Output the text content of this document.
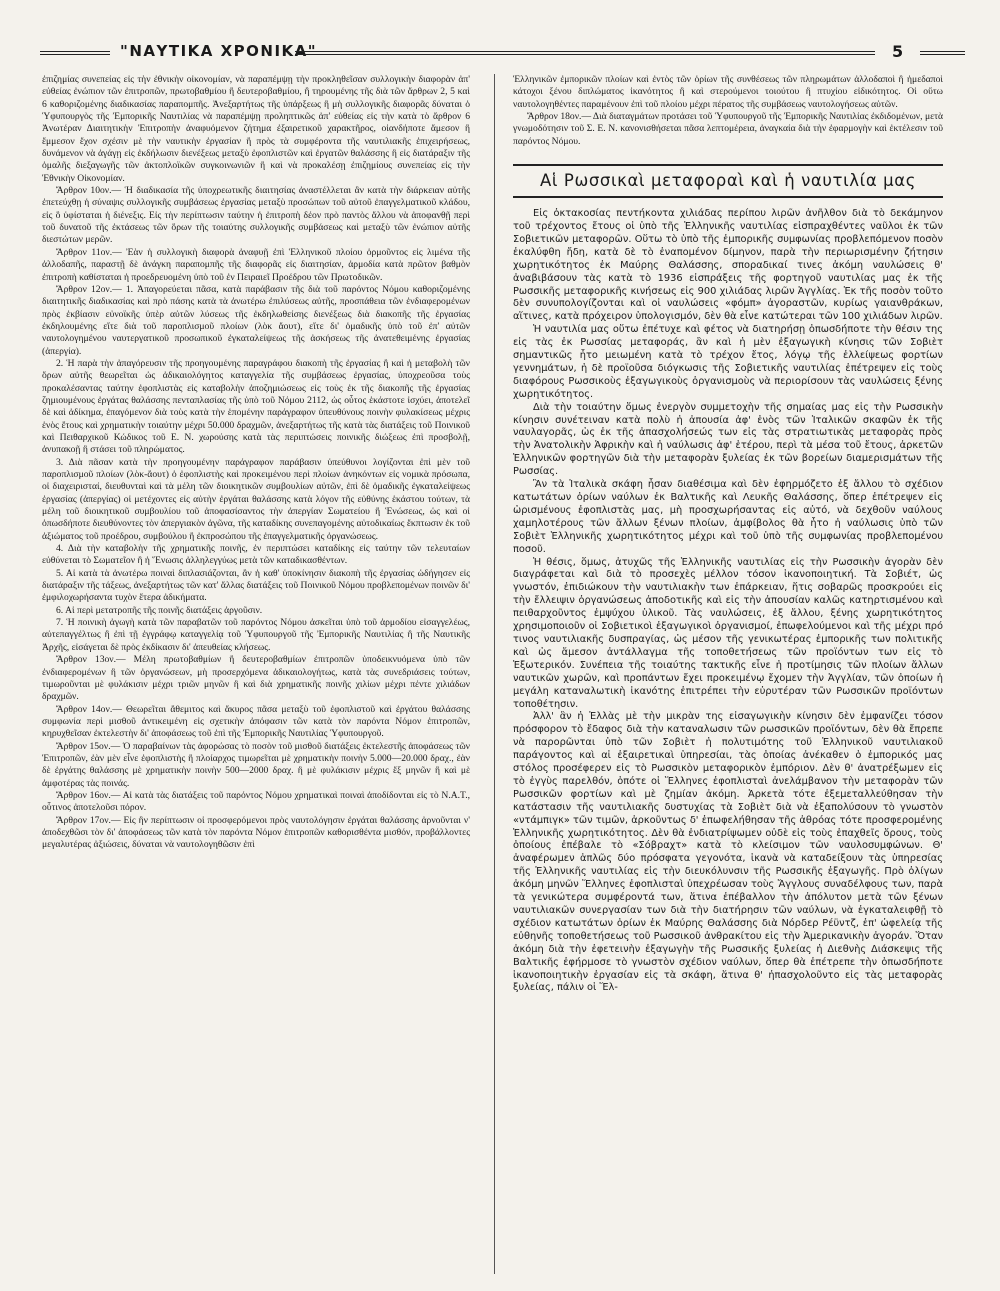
"ΝΑΥΤΙΚΑ ΧΡΟΝΙΚΑ"	5

ἐπιζημίας συνεπείας εἰς τὴν ἐθνικὴν οἰκονομίαν, νὰ παραπέμψῃ τὴν προκληθεῖσαν συλλογικὴν διαφορὰν ἀπ' εὐθείας ἐνώπιον τῶν ἐπιτροπῶν, πρωτοβαθμίου ἢ δευτεροβαθμίου, ἢ τηρουμένης τῆς διὰ τῶν ἄρθρων 2, 5 καὶ 6 καθοριζομένης διαδικασίας παραπομπῆς. Ἀνεξαρτήτως τῆς ὑπάρξεως ἢ μὴ συλλογικῆς διαφορᾶς δύναται ὁ Ὑφυπουργὸς τῆς Ἐμπορικῆς Ναυτιλίας νὰ παραπέμψῃ προληπτικῶς ἀπ' εὐθείας εἰς τὴν κατὰ τὸ ἄρθρον 6 Ἀνωτέραν Διαιτητικὴν Ἐπιτροπὴν ἀναφυόμενον ζήτημα ἐξαιρετικοῦ χαρακτῆρος, οἱανδήποτε ἄμεσον ἢ ἔμμεσον ἔχον σχέσιν μὲ τὴν ναυτικὴν ἐργασίαν ἢ πρὸς τὰ συμφέροντα τῆς ναυτιλιακῆς ἐπιχειρήσεως, δυνάμενον νὰ ἀγάγῃ εἰς ἐκδήλωσιν διενέξεως μεταξὺ ἐφοπλιστῶν καὶ ἐργατῶν θαλάσσης ἢ εἰς διατάραξιν τῆς ὁμαλῆς διεξαγωγῆς τῶν ἀκτοπλοϊκῶν συγκοινωνιῶν ἢ καὶ νὰ προκαλέσῃ ἐπιζημίους συνεπείας εἰς τὴν Ἐθνικὴν Οἰκονομίαν.

Ἄρθρον 10ον.— Ἡ διαδικασία τῆς ὑποχρεωτικῆς διαιτησίας ἀναστέλλεται ἂν κατὰ τὴν διάρκειαν αὐτῆς ἐπετεύχθῃ ἡ σύναψις συλλογικῆς συμβάσεως ἐργασίας μεταξὺ προσώπων τοῦ αὐτοῦ ἐπαγγελματικοῦ κλάδου, εἰς ὃ ὑφίσταται ἡ διένεξις. Εἰς τὴν περίπτωσιν ταύτην ἡ ἐπιτροπὴ δέον πρὸ παντὸς ἄλλου νὰ ἀποφανθῇ περὶ τοῦ δυνατοῦ τῆς ἐκτάσεως τῶν ὅρων τῆς τοιαύτης συλλογικῆς συμβάσεως καὶ μεταξὺ τῶν ἐνώπιον αὐτῆς διεστώτων μερῶν.

Ἄρθρον 11ον.— Ἐὰν ἡ συλλογικὴ διαφορὰ ἀναφυῇ ἐπὶ Ἑλληνικοῦ πλοίου ὁρμοῦντος εἰς λιμένα τῆς ἀλλοδαπῆς, παραστῇ δὲ ἀνάγκη παραπομπῆς τῆς διαφορᾶς εἰς διαιτησίαν, ἁρμοδία κατὰ πρῶτον βαθμὸν ἐπιτροπὴ καθίσταται ἡ προεδρευομένη ὑπὸ τοῦ ἐν Πειραιεῖ Προέδρου τῶν Πρωτοδικῶν.

Ἄρθρον 12ον.— 1. Ἀπαγορεύεται πᾶσα, κατὰ παράβασιν τῆς διὰ τοῦ παρόντος Νόμου καθοριζομένης διαιτητικῆς διαδικασίας καὶ πρὸ πάσης κατὰ τὰ ἀνωτέρω ἐπιλύσεως αὐτῆς, προσπάθεια τῶν ἐνδιαφερομένων πρὸς ἐκβίασιν εὐνοϊκῆς ὑπὲρ αὐτῶν λύσεως τῆς ἐκδηλωθείσης διενέξεως διὰ διακοπῆς τῆς ἐργασίας ἐκδηλουμένης εἴτε διὰ τοῦ παροπλισμοῦ πλοίων (λὸκ ἄουτ), εἴτε δι' ὁμαδικῆς ὑπὸ τοῦ ἐπ' αὐτῶν ναυτολογημένου ναυτεργατικοῦ προσωπικοῦ ἐγκαταλείψεως τῆς ἀσκήσεως τῆς ἀνατεθειμένης ἐργασίας (ἀπεργία).

2. Ἡ παρὰ τὴν ἀπαγόρευσιν τῆς προηγουμένης παραγράφου διακοπὴ τῆς ἐργασίας ἢ καὶ ἡ μεταβολὴ τῶν ὅρων αὐτῆς θεωρεῖται ὡς ἀδικαιολόγητος καταγγελία τῆς συμβάσεως ἐργασίας, ὑποχρεοῦσα τοὺς προκαλέσαντας ταύτην ἐφοπλιστὰς εἰς καταβολὴν ἀποζημιώσεως εἰς τοὺς ἐκ τῆς διακοπῆς τῆς ἐργασίας ζημιουμένους ἐργάτας θαλάσσης πενταπλασίας τῆς ὑπὸ τοῦ Νόμου 2112, ὡς οὗτος ἑκάστοτε ἰσχύει, ἀποτελεῖ δὲ καὶ ἀδίκημα, ἐπαγόμενον διὰ τοὺς κατὰ τὴν ἑπομένην παράγραφον ὑπευθύνους ποινὴν φυλακίσεως μέχρις ἑνὸς ἔτους καὶ χρηματικὴν τοιαύτην μέχρι 50.000 δραχμῶν, ἀνεξαρτήτως τῆς κατὰ τὰς διατάξεις τοῦ Ποινικοῦ καὶ Πειθαρχικοῦ Κώδικος τοῦ Ε. Ν. χωρούσης κατὰ τὰς περιπτώσεις ποινικῆς διώξεως ἐπὶ προσβολῇ, ἀνυπακοῇ ἢ στάσει τοῦ πληρώματος.

3. Διὰ πᾶσαν κατὰ τὴν προηγουμένην παράγραφον παράβασιν ὑπεύθυνοι λογίζονται ἐπὶ μὲν τοῦ παροπλισμοῦ πλοίων (λὸκ-ἄουτ) ὁ ἐφοπλιστὴς καὶ προκειμένου περὶ πλοίων ἀνηκόντων εἰς νομικὰ πρόσωπα, οἱ διαχειρισταί, διευθυνταὶ καὶ τὰ μέλη τῶν διοικητικῶν συμβουλίων αὐτῶν, ἐπὶ δὲ ὁμαδικῆς ἐγκαταλείψεως ἐργασίας (ἀπεργίας) οἱ μετέχοντες εἰς αὐτὴν ἐργάται θαλάσσης κατὰ λόγον τῆς εὐθύνης ἑκάστου τούτων, τὰ μέλη τοῦ διοικητικοῦ συμβουλίου τοῦ ἀποφασίσαντος τὴν ἀπεργίαν Σωματείου ἢ Ἑνώσεως, ὡς καὶ οἱ ὁπωσδήποτε διευθύνοντες τὸν ἀπεργιακὸν ἀγῶνα, τῆς καταδίκης συνεπαγομένης αὐτοδικαίως ἔκπτωσιν ἐκ τοῦ ἀξιώματος τοῦ προέδρου, συμβούλου ἢ ἐκπροσώπου τῆς ἐπαγγελματικῆς ὀργανώσεως.

4. Διὰ τὴν καταβολὴν τῆς χρηματικῆς ποινῆς, ἐν περιπτώσει καταδίκης εἰς ταύτην τῶν τελευταίων εὐθύνεται τὸ Σωματεῖον ἢ ἡ Ἕνωσις ἀλληλεγγύως μετὰ τῶν καταδικασθέντων.

5. Αἱ κατὰ τὰ ἀνωτέρω ποιναὶ διπλασιάζονται, ἂν ἡ καθ' ὑποκίνησιν διακοπὴ τῆς ἐργασίας ὡδήγησεν εἰς διατάραξιν τῆς τάξεως, ἀνεξαρτήτως τῶν κατ' ἄλλας διατάξεις τοῦ Ποινικοῦ Νόμου προβλεπομένων ποινῶν δι' ἐμφιλοχωρήσαντα τυχὸν ἕτερα ἀδικήματα.

6. Αἱ περὶ μετατροπῆς τῆς ποινῆς διατάξεις ἀργοῦσιν.

7. Ἡ ποινικὴ ἀγωγὴ κατὰ τῶν παραβατῶν τοῦ παρόντος Νόμου ἀσκεῖται ὑπὸ τοῦ ἁρμοδίου εἰσαγγελέως, αὐτεπαγγέλτως ἢ ἐπὶ τῇ ἐγγράφῳ καταγγελίᾳ τοῦ Ὑφυπουργοῦ τῆς Ἐμπορικῆς Ναυτιλίας ἢ τῆς Ναυτικῆς Ἀρχῆς, εἰσάγεται δὲ πρὸς ἐκδίκασιν δι' ἀπευθείας κλήσεως.

Ἄρθρον 13ον.— Μέλη πρωτοβαθμίων ἢ δευτεροβαθμίων ἐπιτροπῶν ὑποδεικνυόμενα ὑπὸ τῶν ἐνδιαφερομένων ἢ τῶν ὀργανώσεων, μὴ προσερχόμενα ἀδικαιολογήτως, κατὰ τὰς συνεδριάσεις τούτων, τιμωροῦνται μὲ φυλάκισιν μέχρι τριῶν μηνῶν ἢ καὶ διὰ χρηματικῆς ποινῆς χιλίων μέχρι πέντε χιλιάδων δραχμῶν.

Ἄρθρον 14ον.— Θεωρεῖται ἄθεμιτος καὶ ἄκυρος πᾶσα μεταξὺ τοῦ ἐφοπλιστοῦ καὶ ἐργάτου θαλάσσης συμφωνία περὶ μισθοῦ ἀντικειμένη εἰς σχετικὴν ἀπόφασιν τῶν κατὰ τὸν παρόντα Νόμον ἐπιτροπῶν, κηρυχθεῖσαν ἐκτελεστὴν δι' ἀποφάσεως τοῦ ἐπὶ τῆς Ἐμπορικῆς Ναυτιλίας Ὑφυπουργοῦ.

Ἄρθρον 15ον.— Ὁ παραβαίνων τὰς ἀφορώσας τὸ ποσὸν τοῦ μισθοῦ διατάξεις ἐκτελεστῆς ἀποφάσεως τῶν Ἐπιτροπῶν, ἐὰν μὲν εἶνε ἐφοπλιστὴς ἢ πλοίαρχος τιμωρεῖται μὲ χρηματικὴν ποινὴν 5.000—20.000 δραχ., ἐὰν δὲ ἐργάτης θαλάσσης μὲ χρηματικὴν ποινὴν 500—2000 δραχ. ἢ μὲ φυλάκισιν μέχρις ἕξ μηνῶν ἢ καὶ μὲ ἀμφοτέρας τὰς ποινάς.

Ἄρθρον 16ον.— Αἱ κατὰ τὰς διατάξεις τοῦ παρόντος Νόμου χρηματικαὶ ποιναὶ ἀποδίδονται εἰς τὸ Ν.Α.Τ., οὗτινος ἀποτελοῦσι πόρον.

Ἄρθρον 17ον.— Εἰς ἣν περίπτωσιν οἱ προσφερόμενοι πρὸς ναυτολόγησιν ἐργάται θαλάσσης ἀρνοῦνται ν' ἀποδεχθῶσι τὸν δι' ἀποφάσεως τῶν κατὰ τὸν παρόντα Νόμον ἐπιτροπῶν καθορισθέντα μισθόν, προβάλλοντες μεγαλυτέρας ἀξιώσεις, δύναται νὰ ναυτολογηθῶσιν ἐπὶ

Ἑλληνικῶν ἐμπορικῶν πλοίων καὶ ἐντὸς τῶν ὁρίων τῆς συνθέσεως τῶν πληρωμάτων ἀλλοδαποὶ ἢ ἡμεδαποὶ κάτοχοι ξένου διπλώματος ἱκανότητος ἢ καὶ στερούμενοι τοιούτου ἢ πτυχίου εἰδικότητος. Οἱ οὕτω ναυτολογηθέντες παραμένουν ἐπὶ τοῦ πλοίου μέχρι πέρατος τῆς συμβάσεως ναυτολογήσεως αὐτῶν.

Ἄρθρον 18ον.— Διὰ διαταγμάτων προτάσει τοῦ Ὑφυπουργοῦ τῆς Ἐμπορικῆς Ναυτιλίας ἐκδιδομένων, μετὰ γνωμοδότησιν τοῦ Σ. Ε. Ν. κανονισθήσεται πᾶσα λεπτομέρεια, ἀναγκαία διὰ τὴν ἐφαρμογὴν καὶ ἐκτέλεσιν τοῦ παρόντος Νόμου.

Αἱ Ρωσσικαὶ μεταφοραὶ καὶ ἡ ναυτιλία μας

Εἰς ὀκτακοσίας πεντήκοντα χιλιάδας περίπου λιρῶν ἀνῆλθον διὰ τὸ δεκάμηνον τοῦ τρέχοντος ἔτους οἱ ὑπὸ τῆς Ἑλληνικῆς ναυτιλίας εἰσπραχθέντες ναῦλοι ἐκ τῶν Σοβιετικῶν μεταφορῶν. Οὕτω τὸ ὑπὸ τῆς ἐμπορικῆς συμφωνίας προβλεπόμενον ποσὸν ἐκαλύφθη ἤδη, κατὰ δὲ τὸ ἐναπομένον δίμηνον, παρὰ τὴν περιωρισμένην ζήτησιν χωρητικότητος ἐκ Μαύρης Θαλάσσης, σποραδικαί τινες ἀκόμη ναυλώσεις θ' ἀναβιβάσουν τὰς κατὰ τὸ 1936 εἰσπράξεις τῆς φορτηγοῦ ναυτιλίας μας ἐκ τῆς Ρωσσικῆς μεταφορικῆς κινήσεως εἰς 900 χιλιάδας λιρῶν Ἀγγλίας. Ἐκ τῆς ποσὸν τοῦτο δὲν συνυπολογίζονται καὶ οἱ ναυλώσεις «φόμπ» ἀγοραστῶν, κυρίως γαιανθράκων, αἵτινες, κατὰ πρόχειρον ὑπολογισμόν, δὲν θὰ εἶνε κατώτεραι τῶν 100 χιλιάδων λιρῶν.

Ἡ ναυτιλία μας οὕτω ἐπέτυχε καὶ φέτος νὰ διατηρήσῃ ὁπωσδήποτε τὴν θέσιν της εἰς τὰς ἐκ Ρωσσίας μεταφοράς, ἂν καὶ ἡ μὲν ἐξαγωγικὴ κίνησις τῶν Σοβιὲτ σημαντικῶς ἦτο μειωμένη κατὰ τὸ τρέχον ἔτος, λόγῳ τῆς ἐλλείψεως φορτίων γεννημάτων, ἡ δὲ προϊοῦσα διόγκωσις τῆς Σοβιετικῆς ναυτιλίας ἐπέτρεψεν εἰς τοὺς διαφόρους Ρωσσικοὺς ἐξαγωγικοὺς ὀργανισμοὺς νὰ περιορίσουν τὰς ναυλώσεις ξένης χωρητικότητος.

Διὰ τὴν τοιαύτην ὅμως ἐνεργὸν συμμετοχὴν τῆς σημαίας μας εἰς τὴν Ρωσσικὴν κίνησιν συνέτειναν κατὰ πολὺ ἡ ἀπουσία ἀφ' ἑνὸς τῶν Ἰταλικῶν σκαφῶν ἐκ τῆς ναυλαγορᾶς, ὡς ἐκ τῆς ἀπασχολήσεώς των εἰς τὰς στρατιωτικὰς μεταφορὰς πρὸς τὴν Ἀνατολικὴν Ἀφρικὴν καὶ ἡ ναύλωσις ἀφ' ἑτέρου, περὶ τὰ μέσα τοῦ ἔτους, ἀρκετῶν Ἑλληνικῶν φορτηγῶν διὰ τὴν μεταφορὰν ξυλείας ἐκ τῶν βορείων διαμερισμάτων τῆς Ρωσσίας.

Ἂν τὰ Ἰταλικὰ σκάφη ἦσαν διαθέσιμα καὶ δὲν ἐφηρμόζετο ἐξ ἄλλου τὸ σχέδιον κατωτάτων ὁρίων ναύλων ἐκ Βαλτικῆς καὶ Λευκῆς Θαλάσσης, ὅπερ ἐπέτρεψεν εἰς ὡρισμένους ἐφοπλιστὰς μας, μὴ προσχωρήσαντας εἰς αὐτό, νὰ δεχθοῦν ναύλους χαμηλοτέρους τῶν ἄλλων ξένων πλοίων, ἀμφίβολος θὰ ἦτο ἡ ναύλωσις ὑπὸ τῶν Σοβιὲτ Ἑλληνικῆς χωρητικότητος μέχρι καὶ τοῦ ὑπὸ τῆς συμφωνίας προβλεπομένου ποσοῦ.

Ἡ θέσις, ὅμως, ἀτυχῶς τῆς Ἑλληνικῆς ναυτιλίας εἰς τὴν Ρωσσικὴν ἀγορὰν δὲν διαγράφεται καὶ διὰ τὸ προσεχὲς μέλλον τόσον ἱκανοποιητική. Τὰ Σοβιέτ, ὡς γνωστόν, ἐπιδιώκουν τὴν ναυτιλιακὴν των ἐπάρκειαν, ἥτις σοβαρῶς προσκρούει εἰς τὴν ἔλλειψιν ὀργανώσεως ἀποδοτικῆς καὶ εἰς τὴν ἀπουσίαν καλῶς κατηρτισμένου καὶ πειθαρχοῦντος ἐμψύχου ὑλικοῦ. Τὰς ναυλώσεις, ἐξ ἄλλου, ξένης χωρητικότητος χρησιμοποιοῦν οἱ Σοβιετικοὶ ἐξαγωγικοὶ ὀργανισμοί, ἐπωφελούμενοι καὶ τῆς μέχρι πρό τινος ναυτιλιακῆς δυσπραγίας, ὡς μέσον τῆς γενικωτέρας ἐμπορικῆς των πολιτικῆς καὶ ὡς ἄμεσον ἀντάλλαγμα τῆς τοποθετήσεως τῶν προϊόντων των εἰς τὸ Ἐξωτερικόν. Συνέπεια τῆς τοιαύτης τακτικῆς εἶνε ἡ προτίμησις τῶν πλοίων ἄλλων ναυτικῶν χωρῶν, καὶ προπάντων ἔχει προκειμένῳ ἔχομεν τὴν Ἀγγλίαν, τῶν ὁποίων ἡ μεγάλη καταναλωτικὴ ἱκανότης ἐπιτρέπει τὴν εὐρυτέραν τῶν Ρωσσικῶν προϊόντων τοποθέτησιν.

Ἀλλ' ἂν ἡ Ἑλλὰς μὲ τὴν μικρὰν της εἰσαγωγικὴν κίνησιν δὲν ἐμφανίζει τόσον πρόσφορον τὸ ἔδαφος διὰ τὴν καταναλωσιν τῶν ρωσσικῶν προϊόντων, δὲν θὰ ἔπρεπε νὰ παρορῶνται ὑπὸ τῶν Σοβιὲτ ἡ πολυτιμότης τοῦ Ἑλληνικοῦ ναυτιλιακοῦ παράγοντος καὶ αἱ ἐξαιρετικαὶ ὑπηρεσίαι, τὰς ὁποίας ἀνέκαθεν ὁ ἐμπορικός μας στόλος προσέφερεν εἰς τὸ Ρωσσικὸν μεταφορικὸν ἐμπόριον. Δὲν θ' ἀνατρέξωμεν εἰς τὸ ἐγγὺς παρελθόν, ὁπότε οἱ Ἕλληνες ἐφοπλισταὶ ἀνελάμβανον τὴν μεταφορὰν τῶν Ρωσσικῶν φορτίων καὶ μὲ ζημίαν ἀκόμη. Ἀρκετὰ τότε ἐξεμεταλλεύθησαν τὴν κατάστασιν τῆς ναυτιλιακῆς δυστυχίας τὰ Σοβιὲτ διὰ νὰ ἐξαπολύσουν τὸ γνωστὸν «ντάμπιγκ» τῶν τιμῶν, ἀρκοῦντως δ' ἐπωφελήθησαν τῆς ἀθρόας τότε προσφερομένης Ἑλληνικῆς χωρητικότητος. Δὲν θὰ ἐνδιατρίψωμεν οὐδὲ εἰς τοὺς ἐπαχθεῖς ὅρους, τοὺς ὁποίους ἐπέβαλε τὸ «Σόβραχτ» κατὰ τὸ κλείσιμον τῶν ναυλοσυμφώνων. Θ' ἀναφέρωμεν ἁπλῶς δύο πρόσφατα γεγονότα, ἱκανὰ νὰ καταδείξουν τὰς ὑπηρεσίας τῆς Ἑλληνικῆς ναυτιλίας εἰς τὴν διευκόλυνσιν τῆς Ρωσσικῆς ἐξαγωγῆς. Πρὸ ὀλίγων ἀκόμη μηνῶν Ἕλληνες ἐφοπλισταὶ ὑπεχρέωσαν τοὺς Ἄγγλους συναδέλφους των, παρὰ τὰ γενικώτερα συμφέροντά των, ἅτινα ἐπέβαλλον τὴν ἀπόλυτον μετὰ τῶν ξένων ναυτιλιακῶν συνεργασίαν των διὰ τὴν διατήρησιν τῶν ναύλων, νὰ ἐγκαταλειφθῇ τὸ σχέδιον κατωτάτων ὁρίων ἐκ Μαύρης Θαλάσσης διὰ Νόρδερ Ρέϋντζ, ἐπ' ὠφελείᾳ τῆς εὐθηνῆς τοποθετήσεως τοῦ Ρωσσικοῦ ἀνθρακίτου εἰς τὴν Ἀμερικανικὴν ἀγοράν. Ὅταν ἀκόμη διὰ τὴν ἐφετεινὴν ἐξαγωγὴν τῆς Ρωσσικῆς ξυλείας ἡ Διεθνὴς Διάσκεψις τῆς Βαλτικῆς ἐφήρμοσε τὸ γνωστὸν σχέδιον ναύλων, ὅπερ θὰ ἐπέτρεπε τὴν ὁπωσδήποτε ἱκανοποιητικὴν ἐργασίαν εἰς τὰ σκάφη, ἅτινα θ' ἠπασχολοῦντο εἰς τὰς μεταφορὰς ξυλείας, πάλιν οἱ Ἕλ-
